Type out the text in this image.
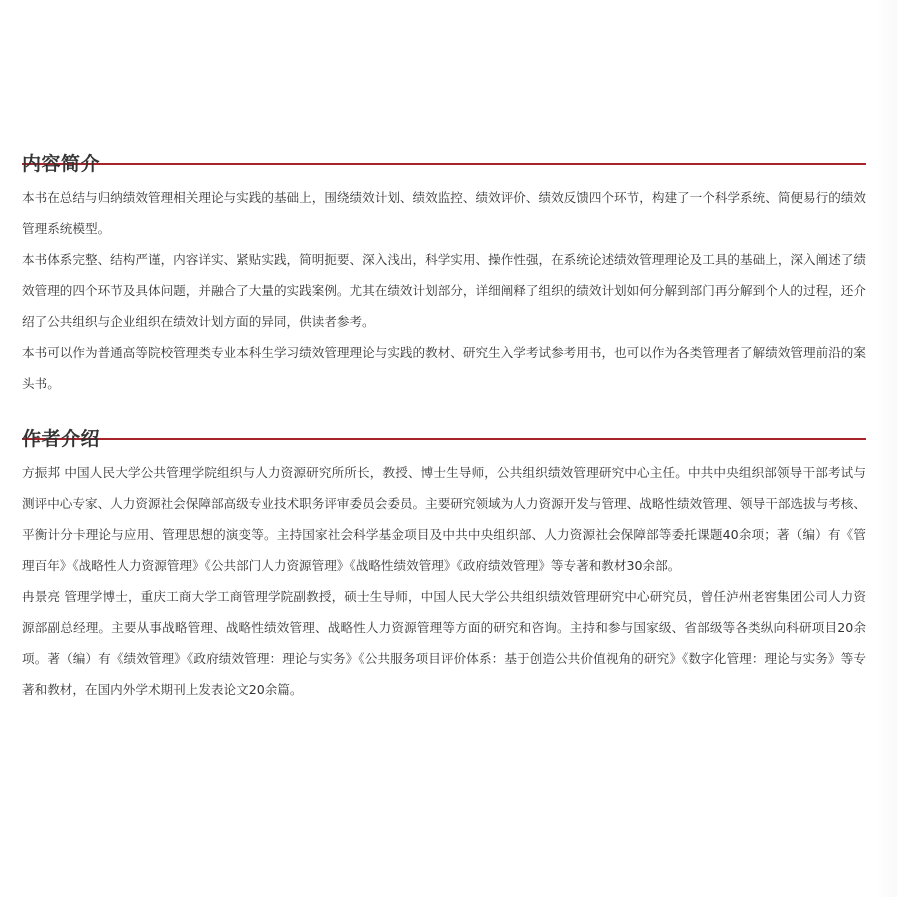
内容简介

本书在总结与归纳绩效管理相关理论与实践的基础上，围绕绩效计划、绩效监控、绩效评价、绩效反馈四个环节，构建了一个科学系统、简便易行的绩效管理系统模型。

本书体系完整、结构严谨，内容详实、紧贴实践，简明扼要、深入浅出，科学实用、操作性强，在系统论述绩效管理理论及工具的基础上，深入阐述了绩效管理的四个环节及具体问题，并融合了大量的实践案例。尤其在绩效计划部分，详细阐释了组织的绩效计划如何分解到部门再分解到个人的过程，还介绍了公共组织与企业组织在绩效计划方面的异同，供读者参考。

本书可以作为普通高等院校管理类专业本科生学习绩效管理理论与实践的教材、研究生入学考试参考用书，也可以作为各类管理者了解绩效管理前沿的案头书。

作者介绍

方振邦 中国人民大学公共管理学院组织与人力资源研究所所长，教授、博士生导师，公共组织绩效管理研究中心主任。中共中央组织部领导干部考试与测评中心专家、人力资源社会保障部高级专业技术职务评审委员会委员。主要研究领域为人力资源开发与管理、战略性绩效管理、领导干部选拔与考核、平衡计分卡理论与应用、管理思想的演变等。主持国家社会科学基金项目及中共中央组织部、人力资源社会保障部等委托课题40余项；著（编）有《管理百年》《战略性人力资源管理》《公共部门人力资源管理》《战略性绩效管理》《政府绩效管理》等专著和教材30余部。

冉景亮 管理学博士，重庆工商大学工商管理学院副教授，硕士生导师，中国人民大学公共组织绩效管理研究中心研究员，曾任泸州老窖集团公司人力资源部副总经理。主要从事战略管理、战略性绩效管理、战略性人力资源管理等方面的研究和咨询。主持和参与国家级、省部级等各类纵向科研项目20余项。著（编）有《绩效管理》《政府绩效管理：理论与实务》《公共服务项目评价体系：基于创造公共价值视角的研究》《数字化管理：理论与实务》等专著和教材，在国内外学术期刊上发表论文20余篇。
